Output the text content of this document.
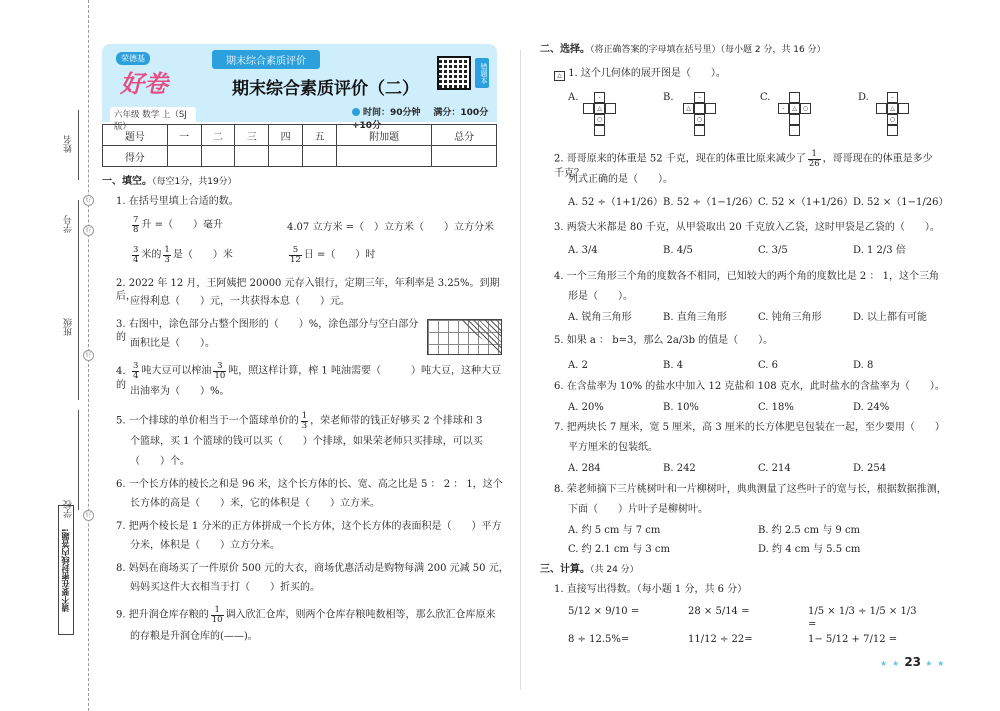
姓名
好
学号	好
班级
好
学校	好
请不要在密封线内答题!
荣德基
好卷
六年级 数学 上（SJ版）
期末综合素质评价
期末综合素质评价（二）
时间：90分钟 满分：100分+10分
错题本
题号	一	二	三	四	五	附加题	总分
得分							
一、填空。（每空1分，共19分）
1. 在括号里填上合适的数。
$\frac{7}{8}$ 升 =（　　）毫升	4.07 立方米 =（　）立方米（　　）立方分米
$\frac{3}{4}$ 米的 $\frac{1}{3}$ 是（　　）米	$\frac{5}{12}$ 日 =（　　）时
2. 2022 年 12 月，王阿姨把 20000 元存入银行，定期三年，年利率是 3.25%。到期后，
应得利息（　　）元，一共获得本息（　　）元。
3. 右图中，涂色部分占整个图形的（　　）%，涂色部分与空白部分的
面积比是（　　）。
4. $\frac{3}{4}$ 吨大豆可以榨油 $\frac{3}{10}$ 吨，照这样计算，榨 1 吨油需要（　　　）吨大豆，这种大豆的
出油率为（　　）%。
5. 一个排球的单价相当于一个篮球单价的 $\frac{1}{3}$ ，荣老师带的钱正好够买 2 个排球和 3
个篮球，买 1 个篮球的钱可以买（　　）个排球，如果荣老师只买排球，可以买
（　　）个。
6. 一个长方体的棱长之和是 96 米，这个长方体的长、宽、高之比是 5 ： 2 ： 1，这个
长方体的高是（　　）米，它的体积是（　　）立方米。
7. 把两个棱长是 1 分米的正方体拼成一个长方体，这个长方体的表面积是（　　）平方
分米，体积是（　　）立方分米。
8. 妈妈在商场买了一件原价 500 元的大衣，商场优惠活动是购物每满 200 元减 50 元，
妈妈买这件大衣相当于打（　　）折买的。
9. 把升润仓库存粮的 $\frac{1}{10}$ 调入欣汇仓库，则两个仓库存粮吨数相等，那么欣汇仓库原来
的存粮是升润仓库的(——)。
二、选择。（将正确答案的字母填在括号里）（每小题 2 分，共 16 分）
△ 1. 这个几何体的展开图是（　　）。
A.	-
△
○
B.	-
△
○
C.
-	△	○
D.	-
△
○
2. 哥哥原来的体重是 52 千克，现在的体重比原来减少了 $\frac{1}{26}$ ，哥哥现在的体重是多少千克？
列式正确的是（　　）。
A. 52 ÷（1+1/26） B. 52 ÷（1−1/26） C. 52 ×（1+1/26） D. 52 ×（1−1/26）
3. 两袋大米都是 80 千克，从甲袋取出 20 千克放入乙袋，这时甲袋是乙袋的（　　）。
A. 3/4	B. 4/5	C. 3/5	D. 1 2/3 倍
4. 一个三角形三个角的度数各不相同，已知较大的两个角的度数比是 2 ： 1，这个三角
形是（　　）。
A. 锐角三角形	B. 直角三角形	C. 钝角三角形	D. 以上都有可能
5. 如果 a ： b=3，那么 2a/3b 的值是（　　）。
A. 2	B. 4	C. 6	D. 8
6. 在含盐率为 10% 的盐水中加入 12 克盐和 108 克水，此时盐水的含盐率为（　　）。
A. 20%	B. 10%	C. 18%	D. 24%
7. 把两块长 7 厘米，宽 5 厘米，高 3 厘米的长方体肥皂包装在一起，至少要用（　　）
平方厘米的包装纸。
A. 284	B. 242	C. 214	D. 254
8. 荣老师摘下三片桃树叶和一片柳树叶，典典测量了这些叶子的宽与长，根据数据推测，
下面（　　）片叶子是柳树叶。
A. 约 5 cm 与 7 cm	B. 约 2.5 cm 与 9 cm
C. 约 2.1 cm 与 3 cm	D. 约 4 cm 与 5.5 cm
三、计算。（共 24 分）
1. 直接写出得数。（每小题 1 分，共 6 分）
5/12 × 9/10 =	28 × 5/14 =	1/5 × 1/3 ÷ 1/5 × 1/3 =
8 ÷ 12.5%=	11/12 ÷ 22=	1− 5/12 + 7/12 =
★ ★ 23 ★ ★
